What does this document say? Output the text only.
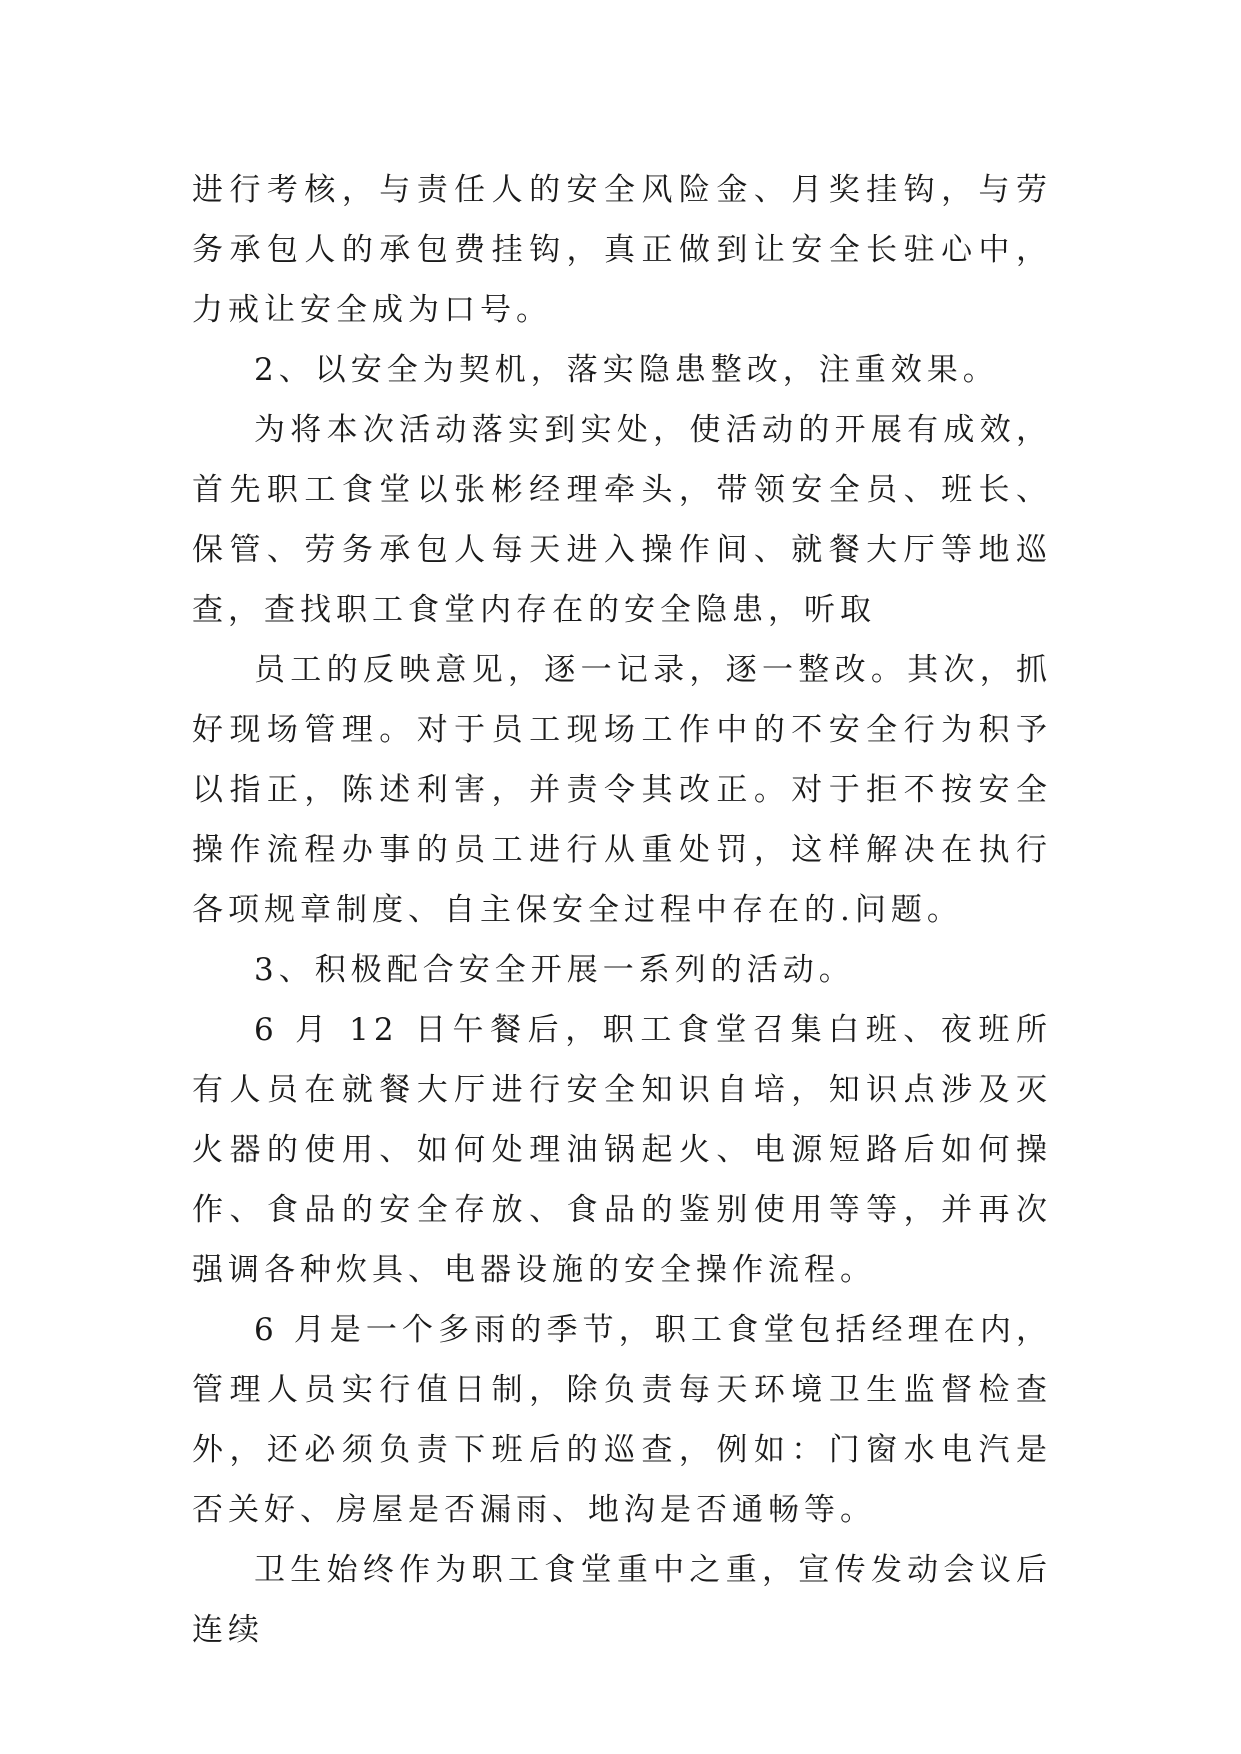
进行考核，与责任人的安全风险金、月奖挂钩，与劳务承包人的承包费挂钩，真正做到让安全长驻心中，力戒让安全成为口号。

2、以安全为契机，落实隐患整改，注重效果。

为将本次活动落实到实处，使活动的开展有成效，首先职工食堂以张彬经理牵头，带领安全员、班长、保管、劳务承包人每天进入操作间、就餐大厅等地巡查，查找职工食堂内存在的安全隐患，听取

员工的反映意见，逐一记录，逐一整改。其次，抓好现场管理。对于员工现场工作中的不安全行为积予以指正，陈述利害，并责令其改正。对于拒不按安全操作流程办事的员工进行从重处罚，这样解决在执行各项规章制度、自主保安全过程中存在的.问题。

3、积极配合安全开展一系列的活动。

6 月 12 日午餐后，职工食堂召集白班、夜班所有人员在就餐大厅进行安全知识自培，知识点涉及灭火器的使用、如何处理油锅起火、电源短路后如何操作、食品的安全存放、食品的鉴别使用等等，并再次强调各种炊具、电器设施的安全操作流程。

6 月是一个多雨的季节，职工食堂包括经理在内，管理人员实行值日制，除负责每天环境卫生监督检查外，还必须负责下班后的巡查，例如：门窗水电汽是否关好、房屋是否漏雨、地沟是否通畅等。

卫生始终作为职工食堂重中之重，宣传发动会议后连续
